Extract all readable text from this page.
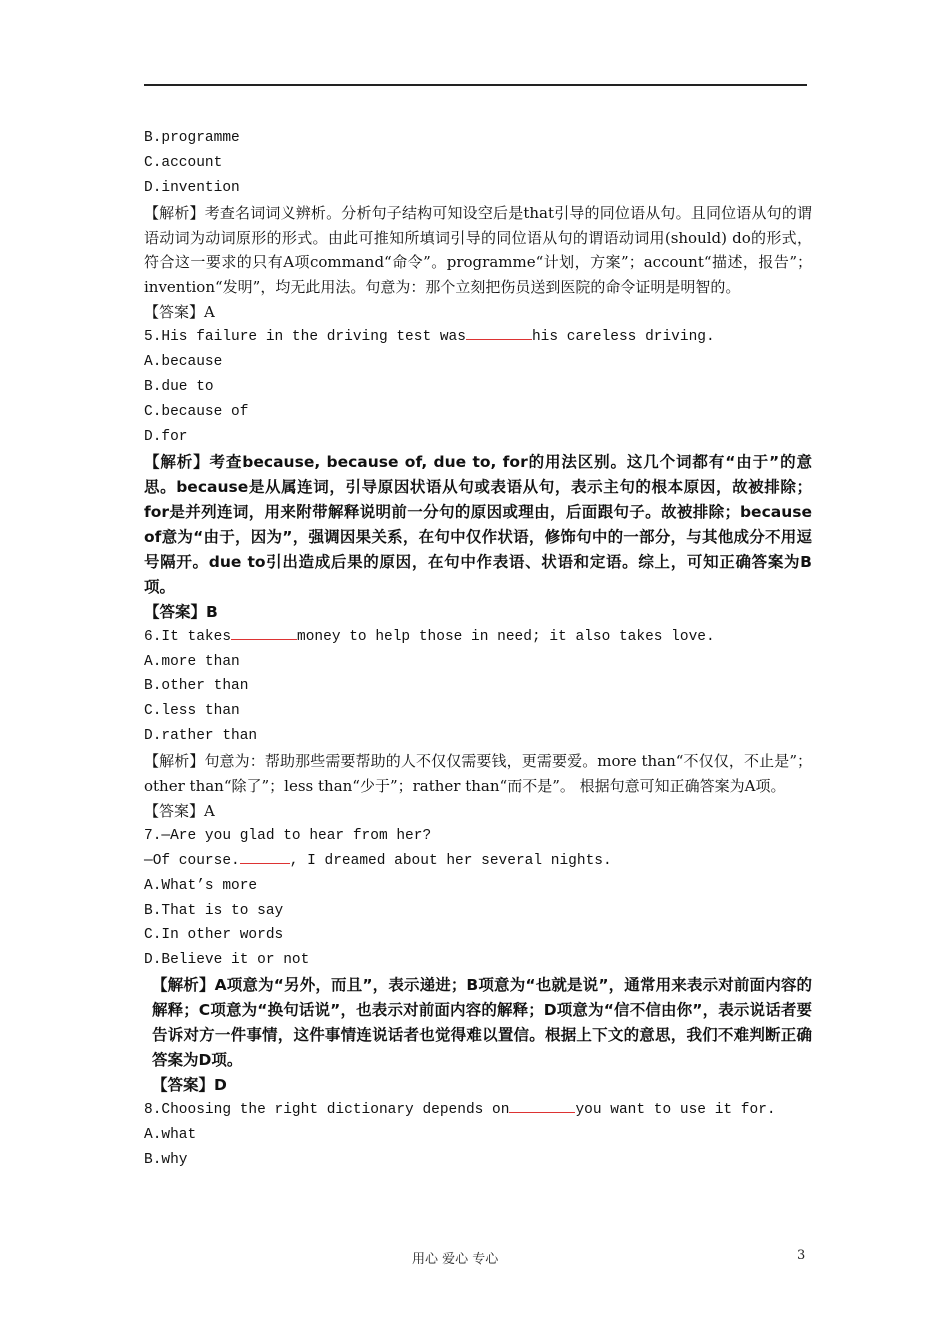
B.programme
C.account
D.invention
【解析】考查名词词义辨析。分析句子结构可知设空后是that引导的同位语从句。且同位语从句的谓语动词为动词原形的形式。由此可推知所填词引导的同位语从句的谓语动词用(should) do的形式，符合这一要求的只有A项command“命令”。programme“计划，方案”；account“描述，报告”；invention“发明”，均无此用法。句意为：那个立刻把伤员送到医院的命令证明是明智的。
【答案】A
5.His failure in the driving test was	his careless driving.
A.because
B.due to
C.because of
D.for
【解析】考查because, because of, due to, for的用法区别。这几个词都有“由于”的意思。because是从属连词，引导原因状语从句或表语从句，表示主句的根本原因，故被排除；for是并列连词，用来附带解释说明前一分句的原因或理由，后面跟句子。故被排除；because of意为“由于，因为”，强调因果关系，在句中仅作状语，修饰句中的一部分，与其他成分不用逗号隔开。due to引出造成后果的原因，在句中作表语、状语和定语。综上，可知正确答案为B项。
【答案】B
6.It takes	money to help those in need; it also takes love.
A.more than
B.other than
C.less than
D.rather than
【解析】句意为：帮助那些需要帮助的人不仅仅需要钱，更需要爱。more than“不仅仅，不止是”； other than“除了”；less than“少于”；rather than“而不是”。 根据句意可知正确答案为A项。
【答案】A
7.—Are you glad to hear from her?
—Of course.	, I dreamed about her several nights.
A.What’s more
B.That is to say
C.In other words
D.Believe it or not
【解析】A项意为“另外，而且”，表示递进；B项意为“也就是说”，通常用来表示对前面内容的解释；C项意为“换句话说”，也表示对前面内容的解释；D项意为“信不信由你”，表示说话者要告诉对方一件事情，这件事情连说话者也觉得难以置信。根据上下文的意思，我们不难判断正确答案为D项。
【答案】D
8.Choosing the right dictionary depends on	you want to use it for.
A.what
B.why
用心 爱心 专心	3
